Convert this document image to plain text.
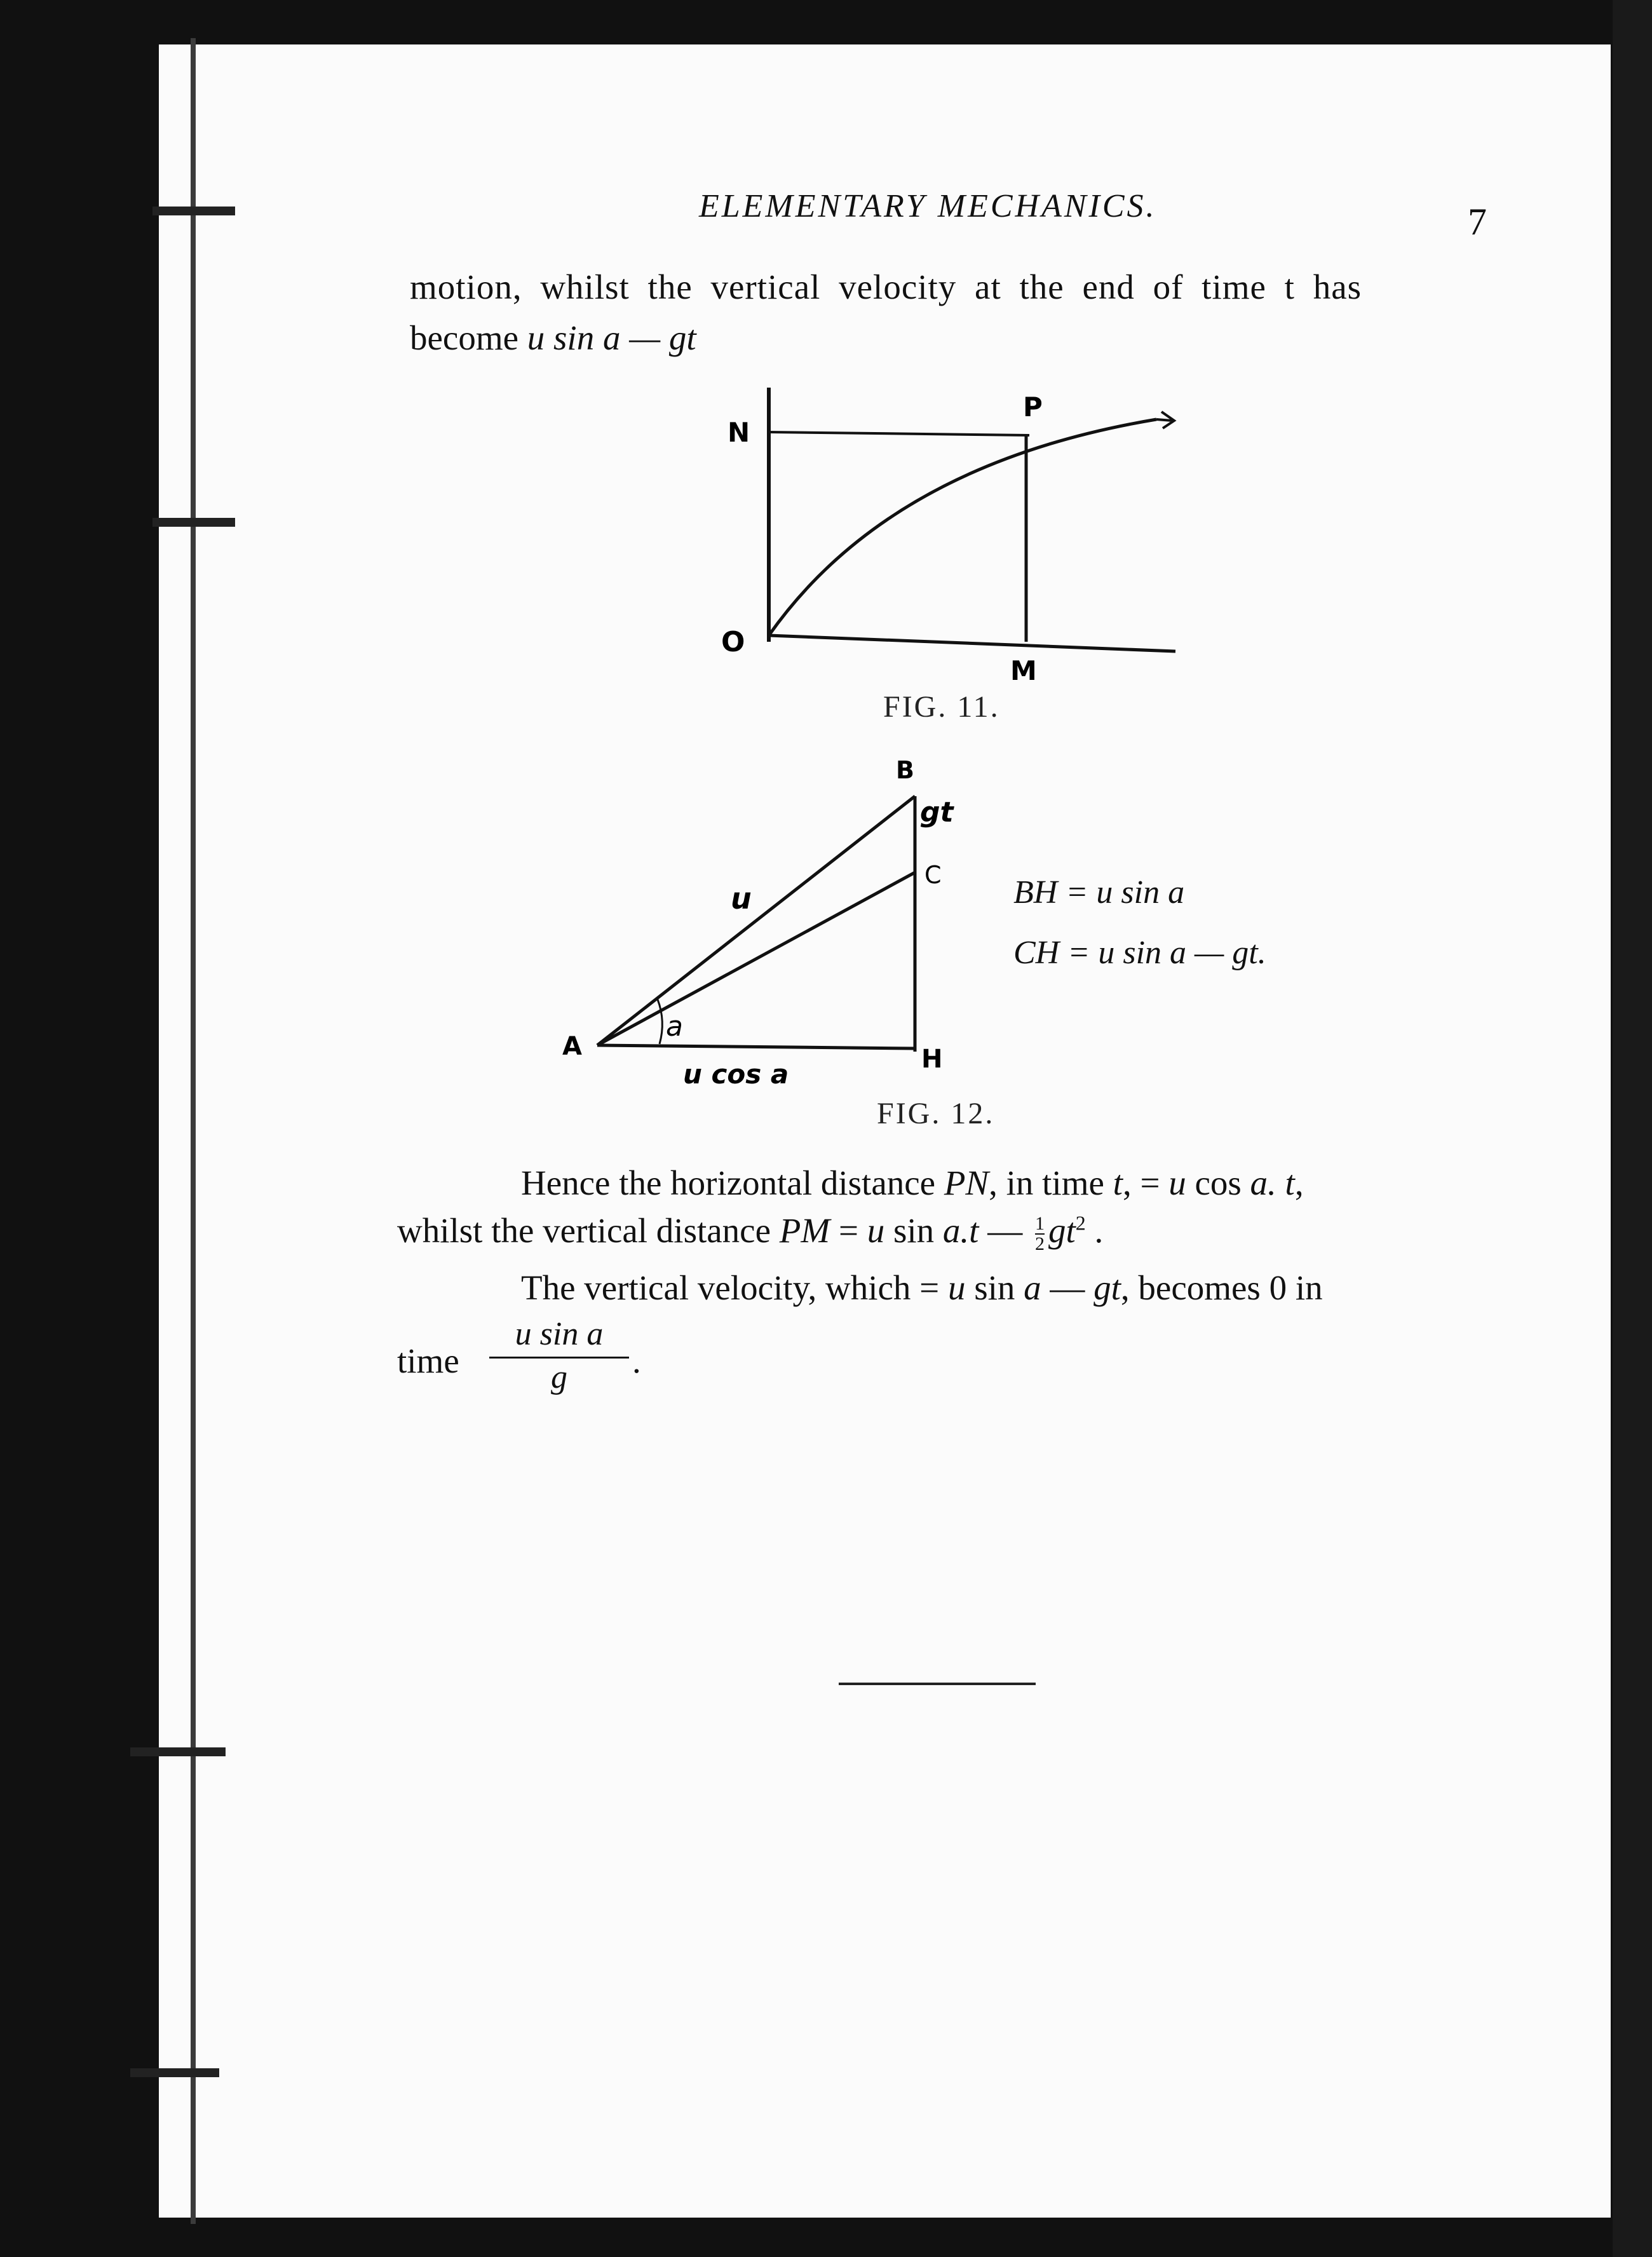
ELEMENTARY MECHANICS.	7
motion, whilst the vertical velocity at the end of time t has
become u sin a — gt
N
P
O
M
FIG. 11.
B
gt
C
u
A
a
H
u cos a
BH = u sin a
CH = u sin a — gt.
FIG. 12.
Hence the horizontal distance PN, in time t, = u cos a. t,
whilst the vertical distance PM = u sin a.t — $\frac{1}{2} gt^2$ .
The vertical velocity, which = u sin a — gt, becomes 0 in
time $\frac{\text{u sin a}}{g}$ .
